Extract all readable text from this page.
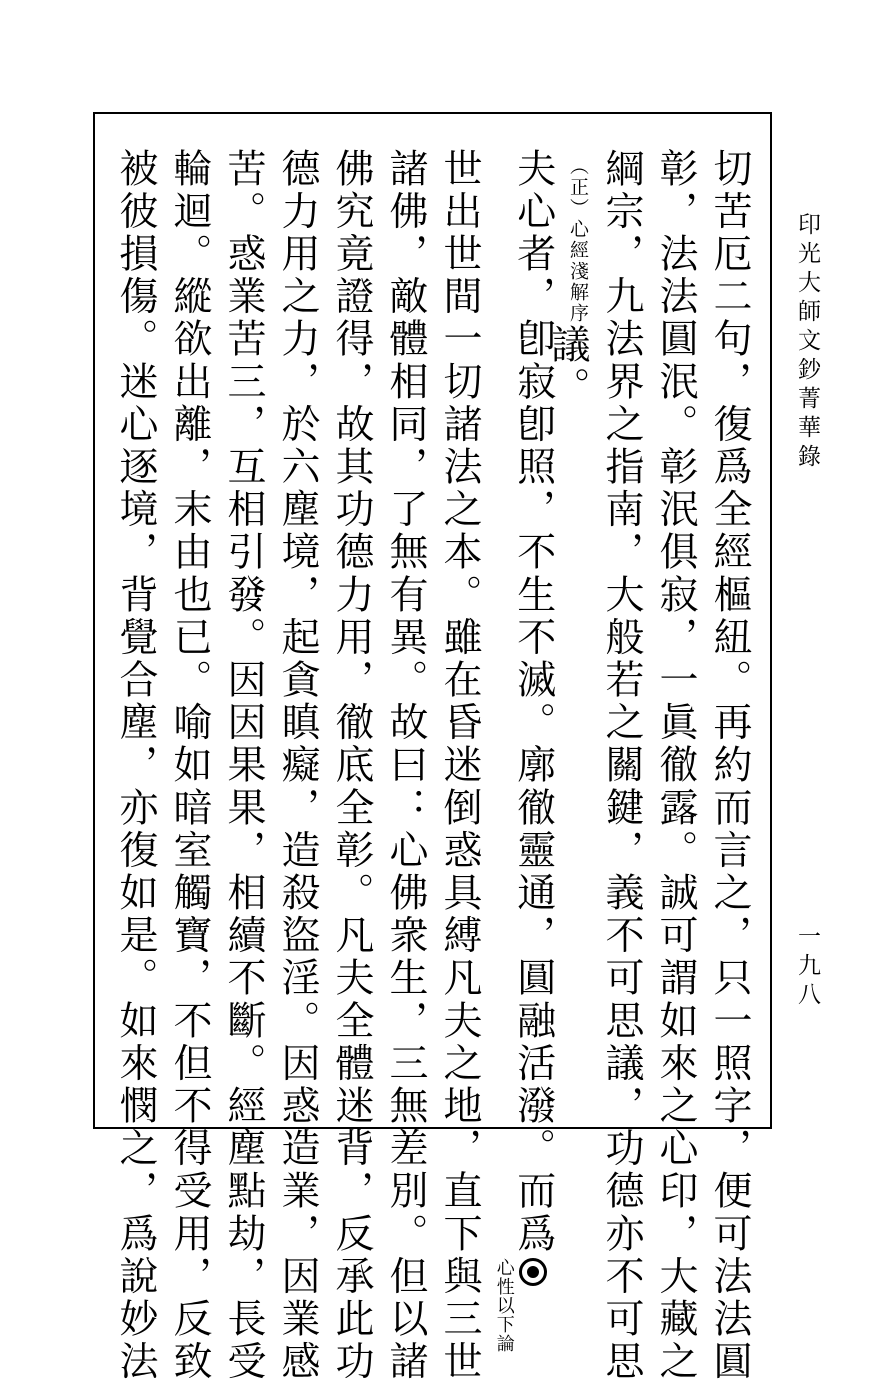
印光大師文鈔菁華錄
一九八
切苦厄二句，復爲全經樞紐。再約而言之，只一照字，便可法法圓
彰，法法圓泯。彰泯俱寂，一眞徹露。誠可謂如來之心印，大藏之
綱宗，九法界之指南，大般若之關鍵，義不可思議，功德亦不可思
議。
（正）心經淺解序
以下論
心性
夫心者，卽寂卽照，不生不滅。廓徹靈通，圓融活潑。而爲
世出世間一切諸法之本。雖在昏迷倒惑具縛凡夫之地，直下與三世
諸佛，敵體相同，了無有異。故曰：心佛衆生，三無差別。但以諸
佛究竟證得，故其功德力用，徹底全彰。凡夫全體迷背，反承此功
德力用之力，於六塵境，起貪瞋癡，造殺盜淫。因惑造業，因業感
苦。惑業苦三，互相引發。因因果果，相續不斷。經塵點劫，長受
輪迴。縱欲出離，末由也已。喻如暗室觸寶，不但不得受用，反致
被彼損傷。迷心逐境，背覺合塵，亦復如是。如來憫之，爲說妙法
